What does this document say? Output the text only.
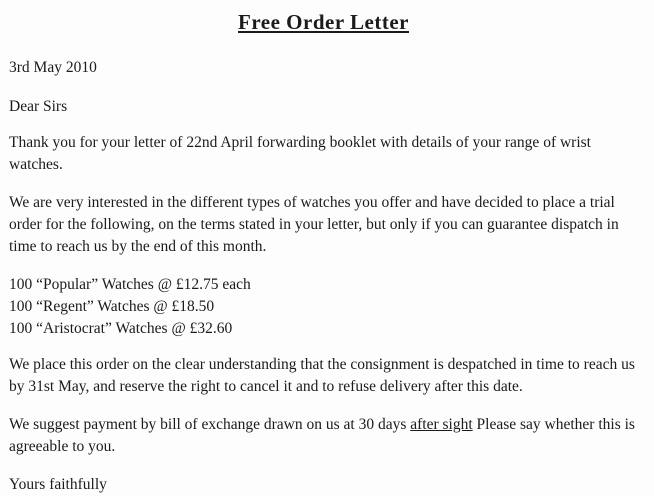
Free Order Letter
3rd May 2010
Dear Sirs
Thank you for your letter of 22nd April forwarding booklet with details of your range of wrist watches.
We are very interested in the different types of watches you offer and have decided to place a trial order for the following, on the terms stated in your letter, but only if you can guarantee dispatch in time to reach us by the end of this month.
100 “Popular” Watches @ £12.75 each
100 “Regent” Watches @ £18.50
100 “Aristocrat” Watches @ £32.60
We place this order on the clear understanding that the consignment is despatched in time to reach us by 31st May, and reserve the right to cancel it and to refuse delivery after this date.
We suggest payment by bill of exchange drawn on us at 30 days after sight Please say whether this is agreeable to you.
Yours faithfully
